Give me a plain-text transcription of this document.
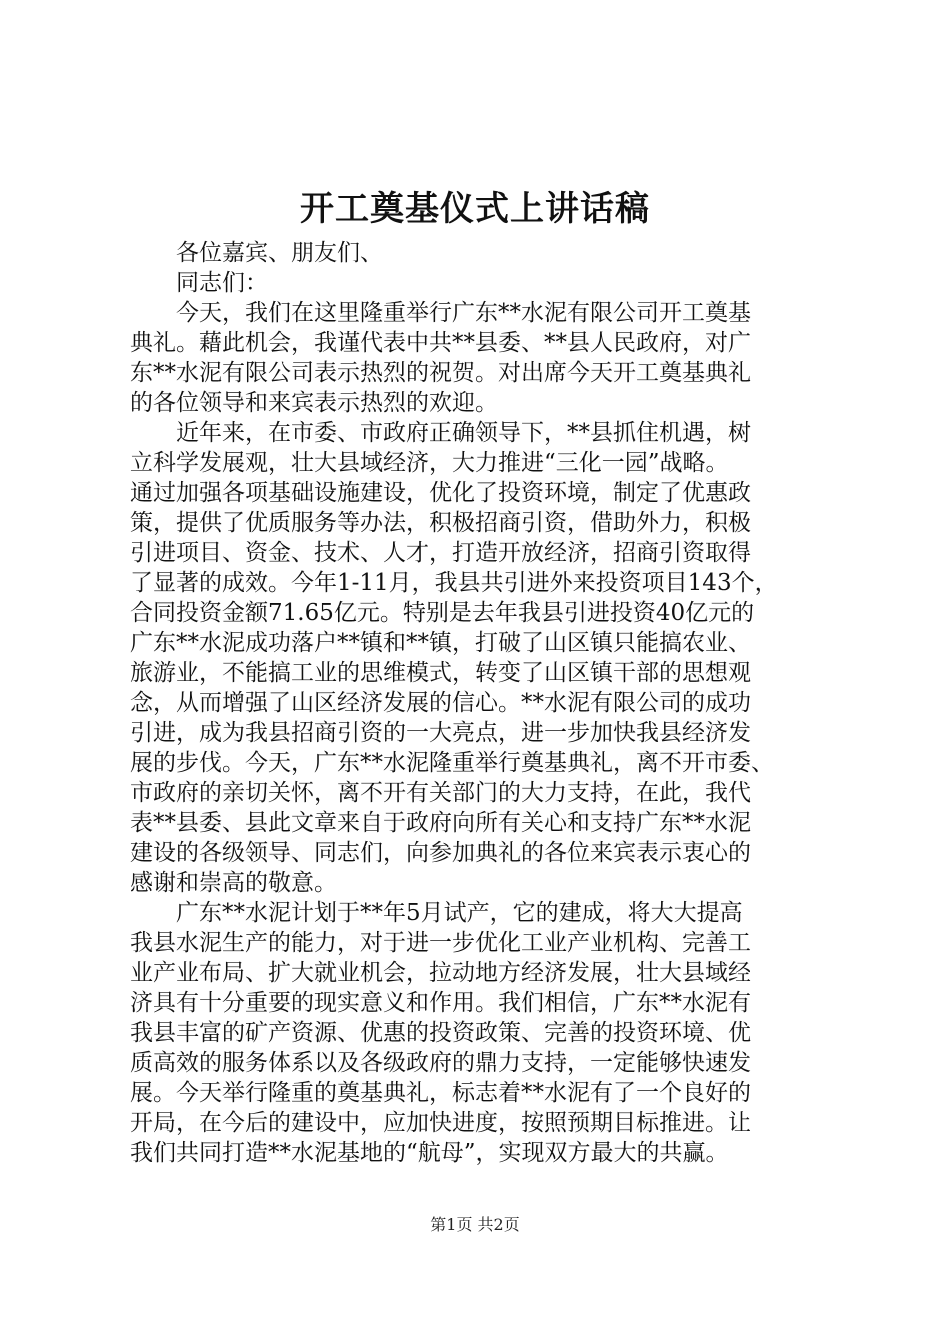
开工奠基仪式上讲话稿
各位嘉宾、朋友们、
同志们：
今天，我们在这里隆重举行广东**水泥有限公司开工奠基
典礼。藉此机会，我谨代表中共**县委、**县人民政府，对广
东**水泥有限公司表示热烈的祝贺。对出席今天开工奠基典礼
的各位领导和来宾表示热烈的欢迎。
近年来，在市委、市政府正确领导下，**县抓住机遇，树
立科学发展观，壮大县域经济，大力推进“三化一园”战略。
通过加强各项基础设施建设，优化了投资环境，制定了优惠政
策，提供了优质服务等办法，积极招商引资，借助外力，积极
引进项目、资金、技术、人才，打造开放经济，招商引资取得
了显著的成效。今年1-11月，我县共引进外来投资项目143个，
合同投资金额71.65亿元。特别是去年我县引进投资40亿元的
广东**水泥成功落户**镇和**镇，打破了山区镇只能搞农业、
旅游业，不能搞工业的思维模式，转变了山区镇干部的思想观
念，从而增强了山区经济发展的信心。**水泥有限公司的成功
引进，成为我县招商引资的一大亮点，进一步加快我县经济发
展的步伐。今天，广东**水泥隆重举行奠基典礼，离不开市委、
市政府的亲切关怀，离不开有关部门的大力支持，在此，我代
表**县委、县此文章来自于政府向所有关心和支持广东**水泥
建设的各级领导、同志们，向参加典礼的各位来宾表示衷心的
感谢和崇高的敬意。
广东**水泥计划于**年5月试产，它的建成，将大大提高
我县水泥生产的能力，对于进一步优化工业产业机构、完善工
业产业布局、扩大就业机会，拉动地方经济发展，壮大县域经
济具有十分重要的现实意义和作用。我们相信，广东**水泥有
我县丰富的矿产资源、优惠的投资政策、完善的投资环境、优
质高效的服务体系以及各级政府的鼎力支持，一定能够快速发
展。今天举行隆重的奠基典礼，标志着**水泥有了一个良好的
开局，在今后的建设中，应加快进度，按照预期目标推进。让
我们共同打造**水泥基地的“航母”，实现双方最大的共赢。
第1页 共2页
